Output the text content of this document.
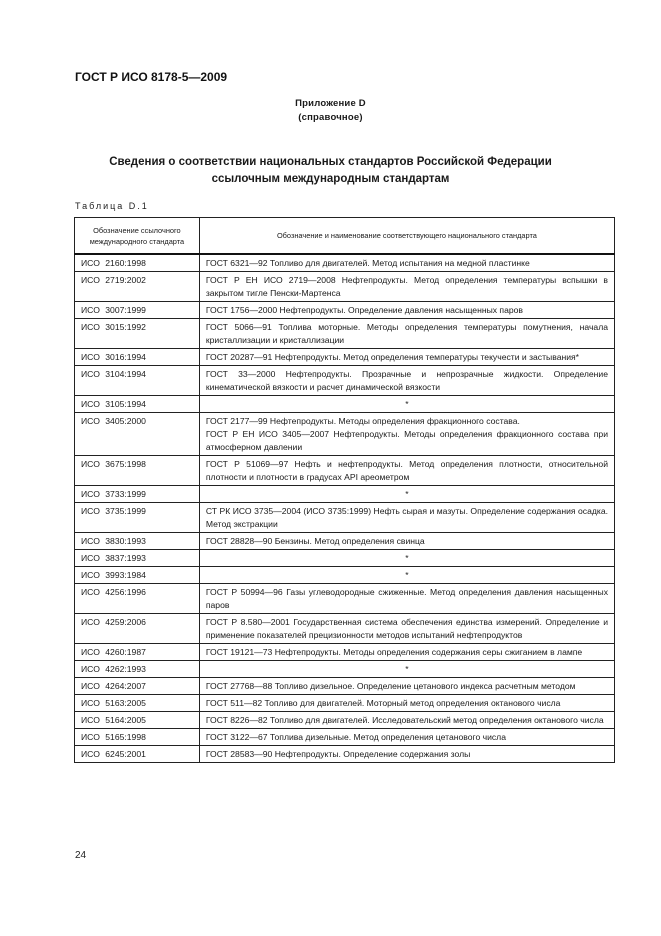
ГОСТ Р ИСО 8178-5—2009
Приложение D
(справочное)
Сведения о соответствии национальных стандартов Российской Федерации
ссылочным международным стандартам
Таблица D.1
Обозначение ссылочного международного стандарта	Обозначение и наименование соответствующего национального стандарта
ИСО 2160:1998	ГОСТ 6321—92 Топливо для двигателей. Метод испытания на медной пластинке

ИСО 2719:2002	ГОСТ Р ЕН ИСО 2719—2008 Нефтепродукты. Метод определения температуры вспышки в закрытом тигле Пенски-Мартенса

ИСО 3007:1999	ГОСТ 1756—2000 Нефтепродукты. Определение давления насыщенных паров

ИСО 3015:1992	ГОСТ 5066—91 Топлива моторные. Методы определения температуры помутнения, начала кристаллизации и кристаллизации

ИСО 3016:1994	ГОСТ 20287—91 Нефтепродукты. Метод определения температуры текучести и застывания*

ИСО 3104:1994	ГОСТ 33—2000 Нефтепродукты. Прозрачные и непрозрачные жидкости. Определение кинематической вязкости и расчет динамической вязкости

ИСО 3105:1994	*

ИСО 3405:2000	ГОСТ 2177—99 Нефтепродукты. Методы определения фракционного состава.
ГОСТ Р ЕН ИСО 3405—2007 Нефтепродукты. Методы определения фракционного состава при атмосферном давлении

ИСО 3675:1998	ГОСТ Р 51069—97 Нефть и нефтепродукты. Метод определения плотности, относительной плотности и плотности в градусах API ареометром

ИСО 3733:1999	*

ИСО 3735:1999	СТ РК ИСО 3735—2004 (ИСО 3735:1999) Нефть сырая и мазуты. Определение содержания осадка. Метод экстракции

ИСО 3830:1993	ГОСТ 28828—90 Бензины. Метод определения свинца

ИСО 3837:1993	*

ИСО 3993:1984	*

ИСО 4256:1996	ГОСТ Р 50994—96 Газы углеводородные сжиженные. Метод определения давления насыщенных паров

ИСО 4259:2006	ГОСТ Р 8.580—2001 Государственная система обеспечения единства измерений. Определение и применение показателей прецизионности методов испытаний нефтепродуктов

ИСО 4260:1987	ГОСТ 19121—73 Нефтепродукты. Методы определения содержания серы сжиганием в лампе

ИСО 4262:1993	*

ИСО 4264:2007	ГОСТ 27768—88 Топливо дизельное. Определение цетанового индекса расчетным методом

ИСО 5163:2005	ГОСТ 511—82 Топливо для двигателей. Моторный метод определения октанового числа

ИСО 5164:2005	ГОСТ 8226—82 Топливо для двигателей. Исследовательский метод определения октанового числа

ИСО 5165:1998	ГОСТ 3122—67 Топлива дизельные. Метод определения цетанового числа

ИСО 6245:2001	ГОСТ 28583—90 Нефтепродукты. Определение содержания золы
24
